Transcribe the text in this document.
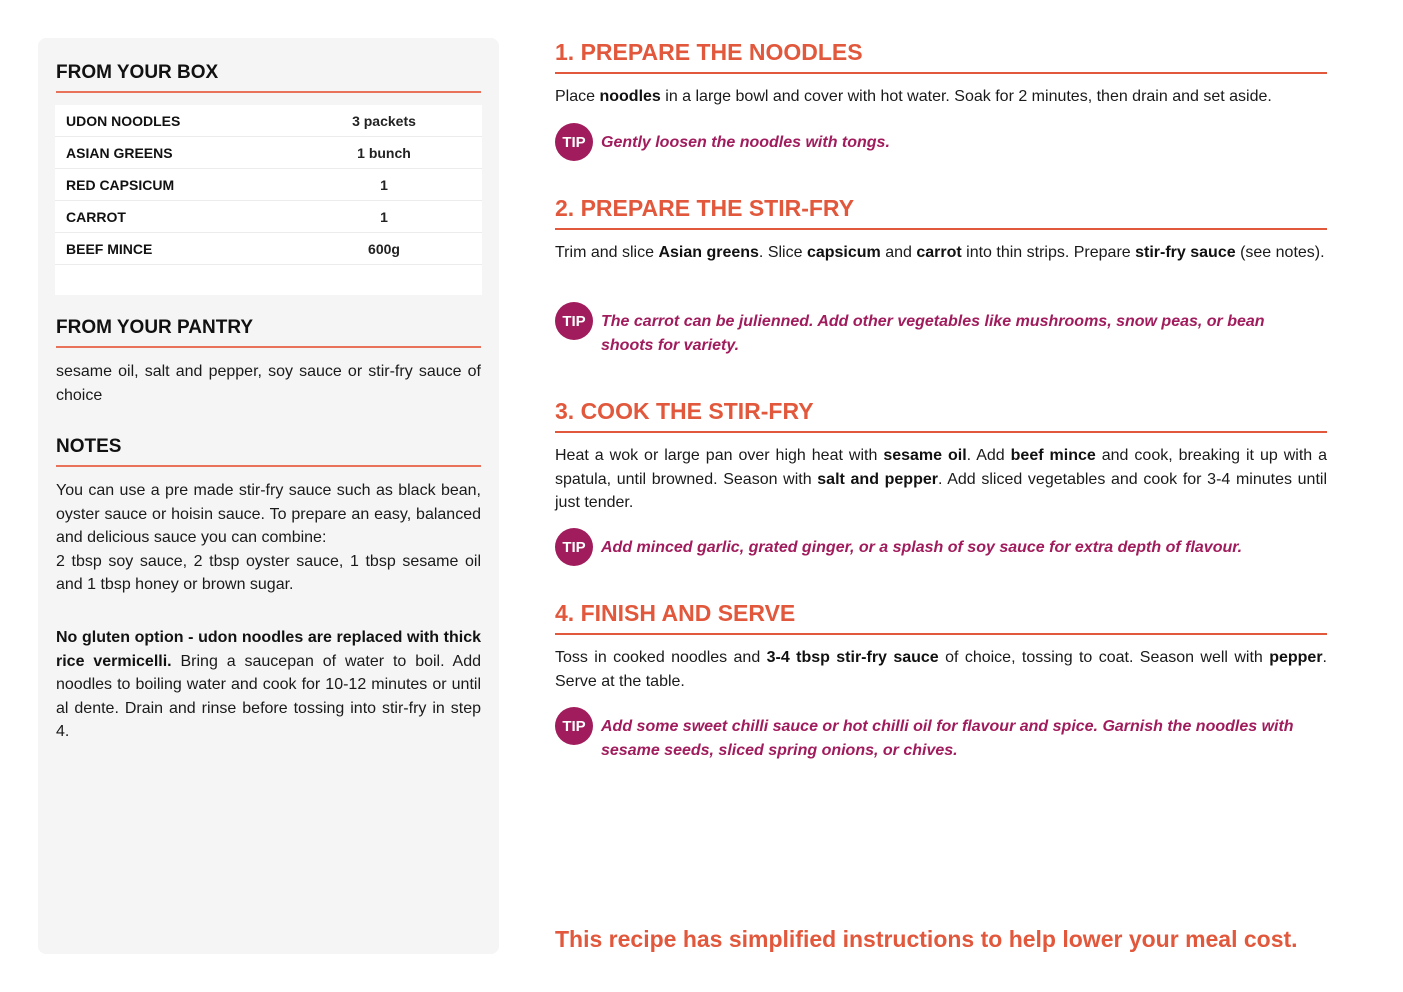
FROM YOUR BOX
UDON NOODLES	3 packets
ASIAN GREENS	1 bunch
RED CAPSICUM	1
CARROT	1
BEEF MINCE	600g
FROM YOUR PANTRY

sesame oil, salt and pepper, soy sauce or stir-fry sauce of choice

NOTES

You can use a pre made stir-fry sauce such as black bean, oyster sauce or hoisin sauce. To prepare an easy, balanced and delicious sauce you can combine:
2 tbsp soy sauce, 2 tbsp oyster sauce, 1 tbsp sesame oil and 1 tbsp honey or brown sugar.

No gluten option - udon noodles are replaced with thick rice vermicelli. Bring a saucepan of water to boil. Add noodles to boiling water and cook for 10-12 minutes or until al dente. Drain and rinse before tossing into stir-fry in step 4.

1. PREPARE THE NOODLES

Place noodles in a large bowl and cover with hot water. Soak for 2 minutes, then drain and set aside.

TIP Gently loosen the noodles with tongs.
2. PREPARE THE STIR-FRY

Trim and slice Asian greens. Slice capsicum and carrot into thin strips. Prepare stir-fry sauce (see notes).

TIP The carrot can be julienned. Add other vegetables like mushrooms, snow peas, or bean shoots for variety.
3. COOK THE STIR-FRY

Heat a wok or large pan over high heat with sesame oil. Add beef mince and cook, breaking it up with a spatula, until browned. Season with salt and pepper. Add sliced vegetables and cook for 3-4 minutes until just tender.

TIP Add minced garlic, grated ginger, or a splash of soy sauce for extra depth of flavour.
4. FINISH AND SERVE

Toss in cooked noodles and 3-4 tbsp stir-fry sauce of choice, tossing to coat. Season well with pepper. Serve at the table.

TIP Add some sweet chilli sauce or hot chilli oil for flavour and spice. Garnish the noodles with sesame seeds, sliced spring onions, or chives.
This recipe has simplified instructions to help lower your meal cost.
